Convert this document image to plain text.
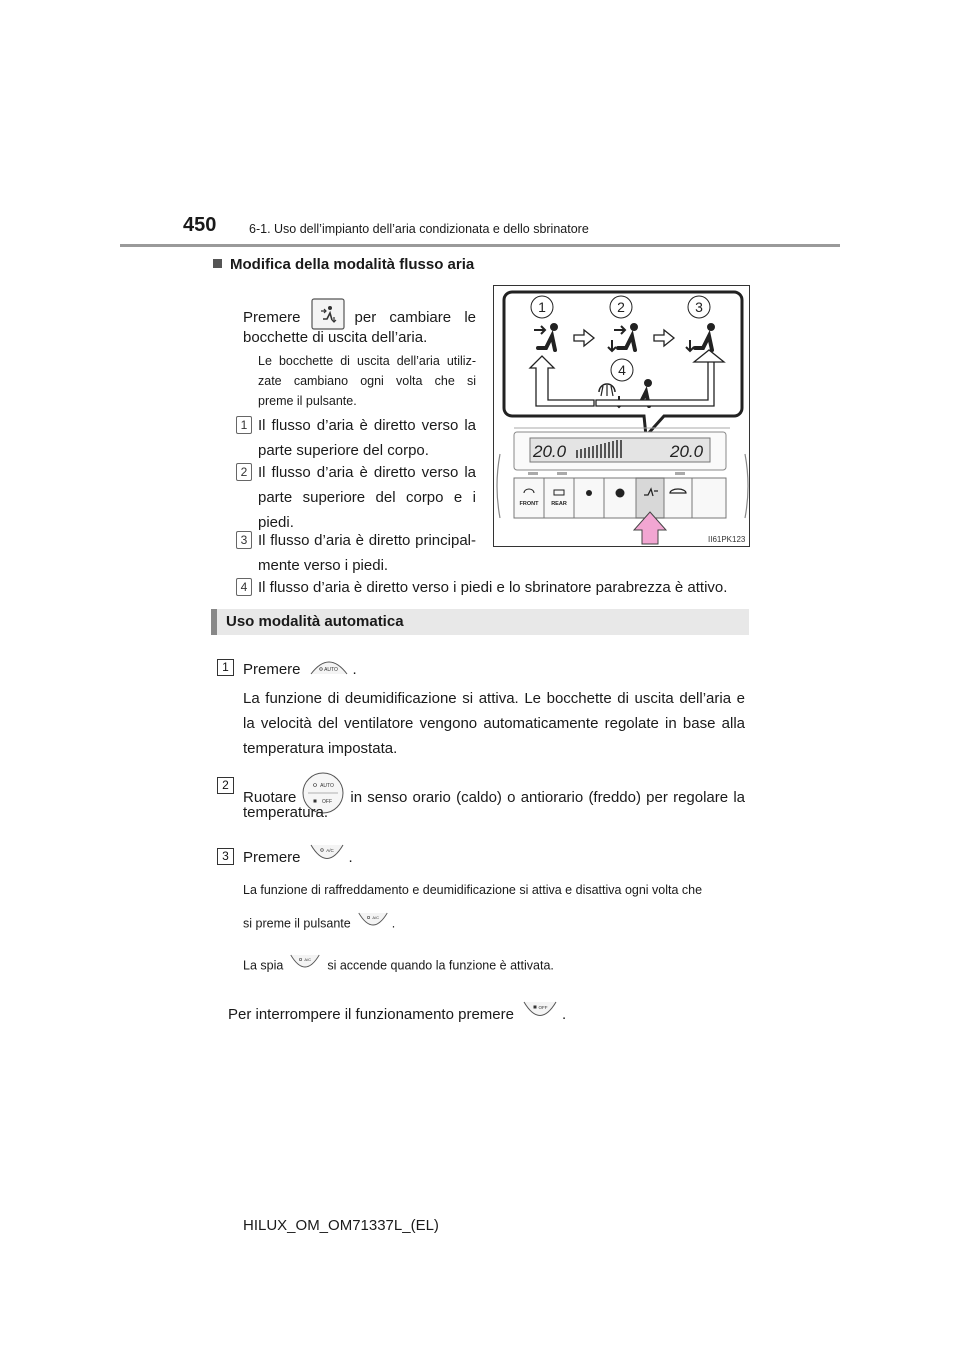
450	6-1. Uso dell’impianto dell’aria condizionata e dello sbrinatore
Modifica della modalità flusso aria
Premere	per cambiare le
bocchette di uscita dell’aria.
Le bocchette di uscita dell’aria utiliz-
zate cambiano ogni volta che si
preme il pulsante.
1 Il flusso d’aria è diretto verso la
parte superiore del corpo.
2 Il flusso d’aria è diretto verso la
parte superiore del corpo e i
piedi.
3 Il flusso d’aria è diretto principal-
mente verso i piedi.
4 Il flusso d’aria è diretto verso i piedi e lo sbrinatore parabrezza è attivo.
1	2	3
4
20.0	20.0
FRONT REAR
II61PK123
Uso modalità automatica
1 Premere	AUTO .
La funzione di deumidificazione si attiva. Le bocchette di uscita dell’aria e
la velocità del ventilatore vengono automaticamente regolate in base alla
temperatura impostata.
2
Ruotare
AUTO
OFF in senso orario (caldo) o antiorario (freddo) per regolare la
temperatura.
3 Premere	A/C .
La funzione di raffreddamento e deumidificazione si attiva e disattiva ogni volta che
si preme il pulsante	A/C .
La spia	A/C si accende quando la funzione è attivata.
Per interrompere il funzionamento premere	OFF .
HILUX_OM_OM71337L_(EL)
